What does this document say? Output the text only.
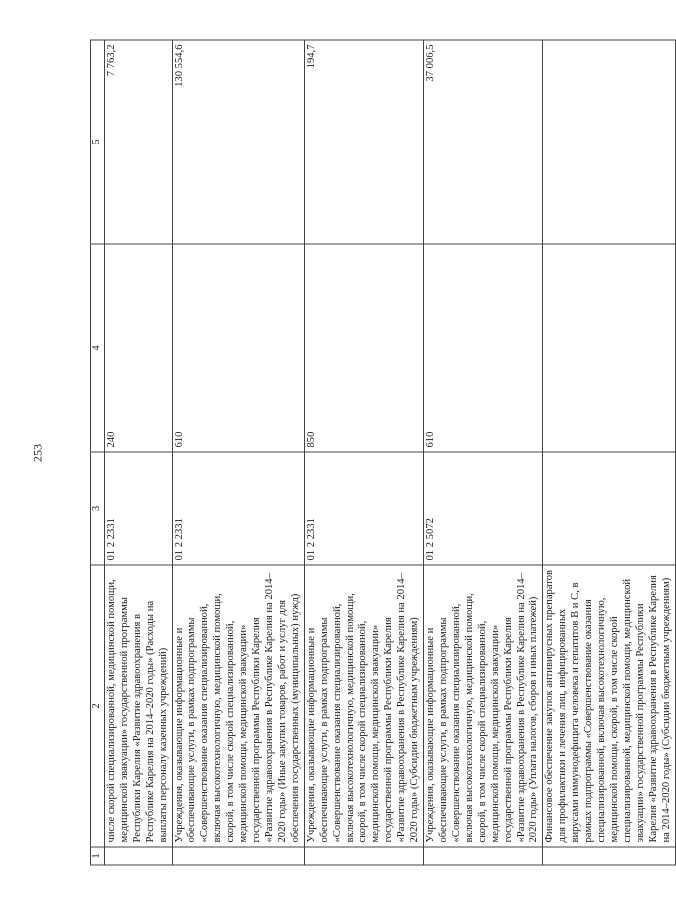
253
1	2	3	4	5
	числе скорой специализированной, медицинской помощи, медицинской эвакуации» государственной программы Республики Карелия «Развитие здравоохранения в Республике Карелия на 2014–2020 годы» (Расходы на выплаты персоналу казенных учреждений)	01 2 2331	240	7 763,2
	Учреждения, оказывающие информационные и обеспечивающие услуги, в рамках подпрограммы «Совершенствование оказания специализированной, включая высокотехнологичную, медицинской помощи, скорой, в том числе скорой специализированной, медицинской помощи, медицинской эвакуации» государственной программы Республики Карелия «Развитие здравоохранения в Республике Карелия на 2014–2020 годы» (Иные закупки товаров, работ и услуг для обеспечения государственных (муниципальных) нужд)	01 2 2331	610	130 554,6
	Учреждения, оказывающие информационные и обеспечивающие услуги, в рамках подпрограммы «Совершенствование оказания специализированной, включая высокотехнологичную, медицинской помощи, скорой, в том числе скорой специализированной, медицинской помощи, медицинской эвакуации» государственной программы Республики Карелия «Развитие здравоохранения в Республике Карелия на 2014–2020 годы» (Субсидии бюджетным учреждениям)	01 2 2331	850	194,7
	Учреждения, оказывающие информационные и обеспечивающие услуги, в рамках подпрограммы «Совершенствование оказания специализированной, включая высокотехнологичную, медицинской помощи, скорой, в том числе скорой специализированной, медицинской помощи, медицинской эвакуации» государственной программы Республики Карелия «Развитие здравоохранения в Республике Карелия на 2014–2020 годы» (Уплата налогов, сборов и иных платежей)	01 2 5072	610	37 006,5
	Финансовое обеспечение закупок антивирусных препаратов для профилактики и лечения лиц, инфицированных вирусами иммунодефицита человека и гепатитов B и C, в рамках подпрограммы «Совершенствование оказания специализированной, включая высокотехнологичную, медицинской помощи, скорой, в том числе скорой специализированной, медицинской помощи, медицинской эвакуации» государственной программы Республики Карелия «Развитие здравоохранения в Республике Карелия на 2014–2020 годы» (Субсидии бюджетным учреждениям)			
